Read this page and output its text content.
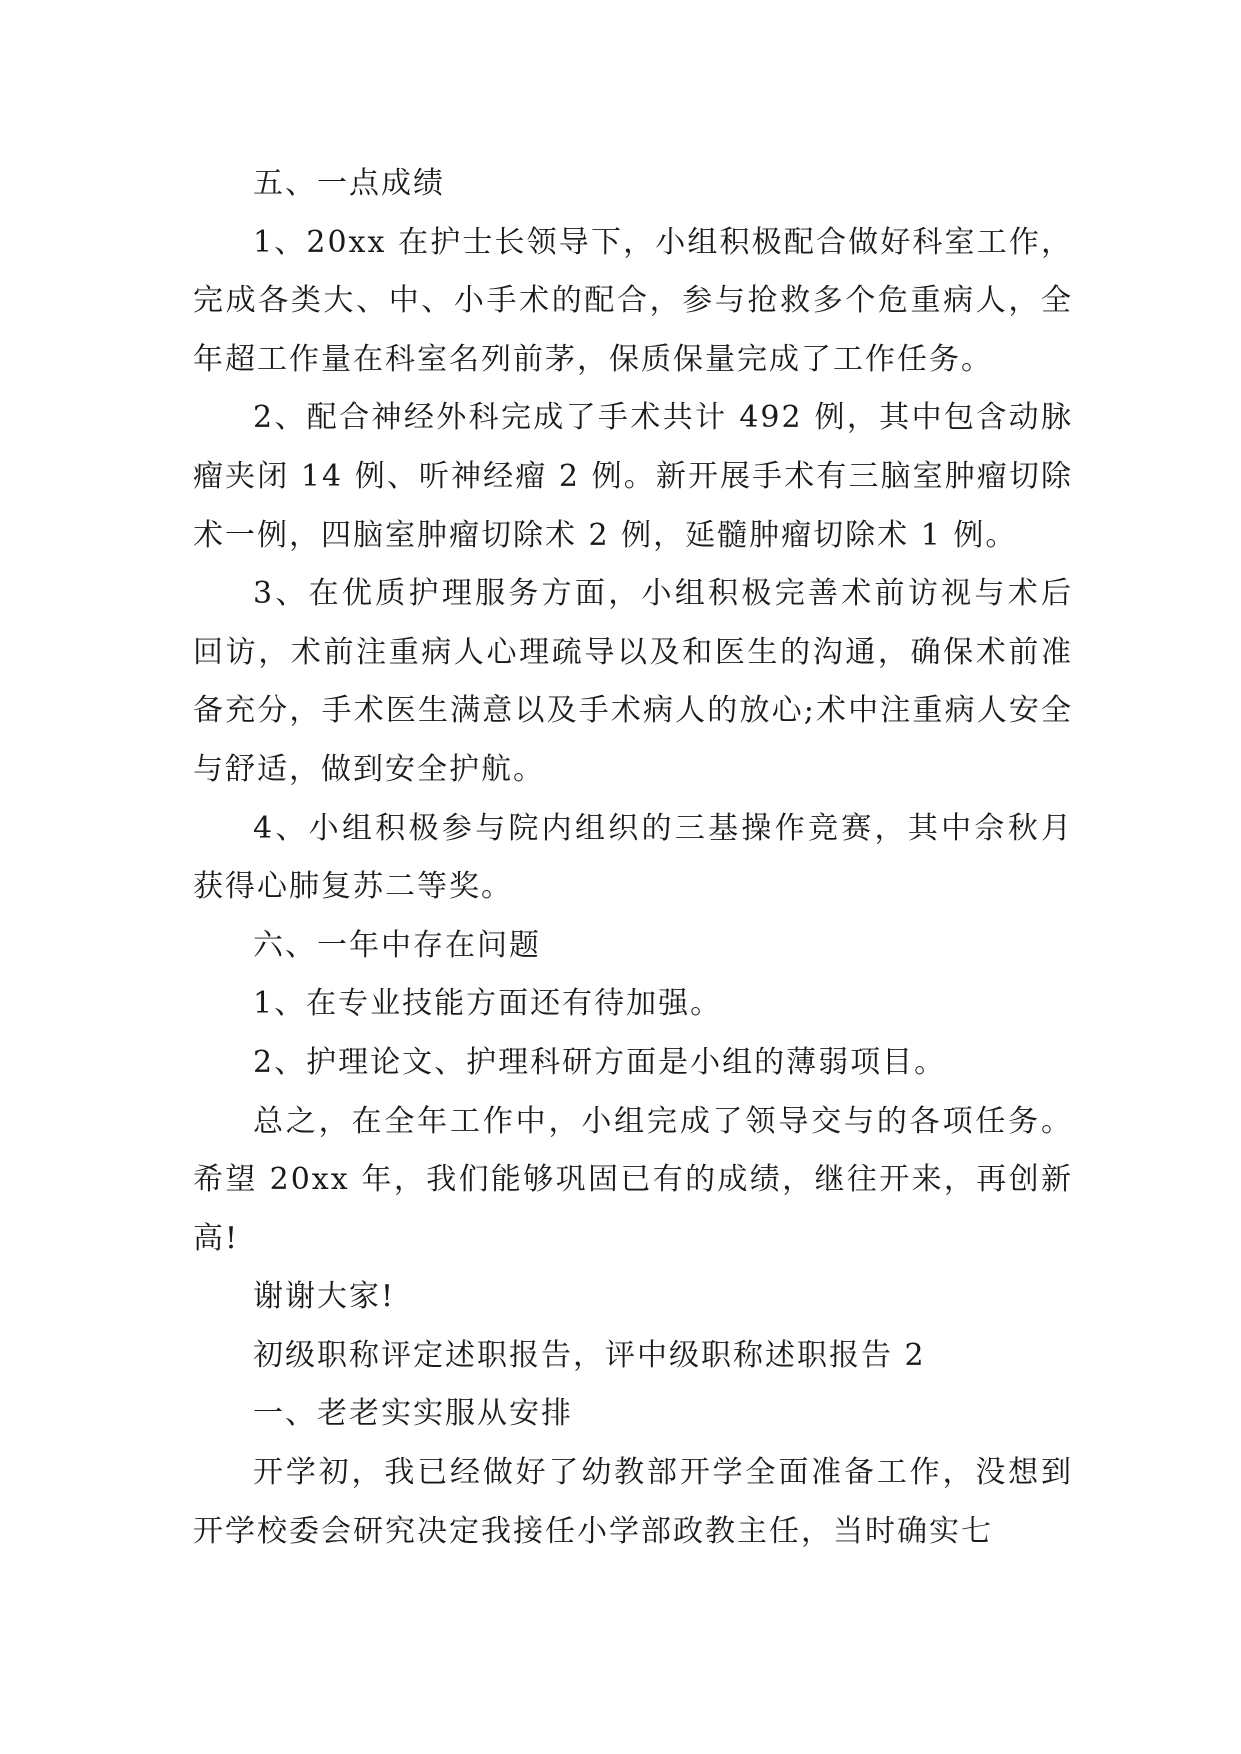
五、一点成绩

1、20xx 在护士长领导下，小组积极配合做好科室工作，完成各类大、中、小手术的配合，参与抢救多个危重病人，全年超工作量在科室名列前茅，保质保量完成了工作任务。

2、配合神经外科完成了手术共计 492 例，其中包含动脉瘤夹闭 14 例、听神经瘤 2 例。新开展手术有三脑室肿瘤切除术一例，四脑室肿瘤切除术 2 例，延髓肿瘤切除术 1 例。

3、在优质护理服务方面，小组积极完善术前访视与术后回访，术前注重病人心理疏导以及和医生的沟通，确保术前准备充分，手术医生满意以及手术病人的放心;术中注重病人安全与舒适，做到安全护航。

4、小组积极参与院内组织的三基操作竞赛，其中佘秋月获得心肺复苏二等奖。

六、一年中存在问题

1、在专业技能方面还有待加强。

2、护理论文、护理科研方面是小组的薄弱项目。

总之，在全年工作中，小组完成了领导交与的各项任务。希望 20xx 年，我们能够巩固已有的成绩，继往开来，再创新高!

谢谢大家!

初级职称评定述职报告，评中级职称述职报告 2

一、老老实实服从安排

开学初，我已经做好了幼教部开学全面准备工作，没想到开学校委会研究决定我接任小学部政教主任，当时确实七
